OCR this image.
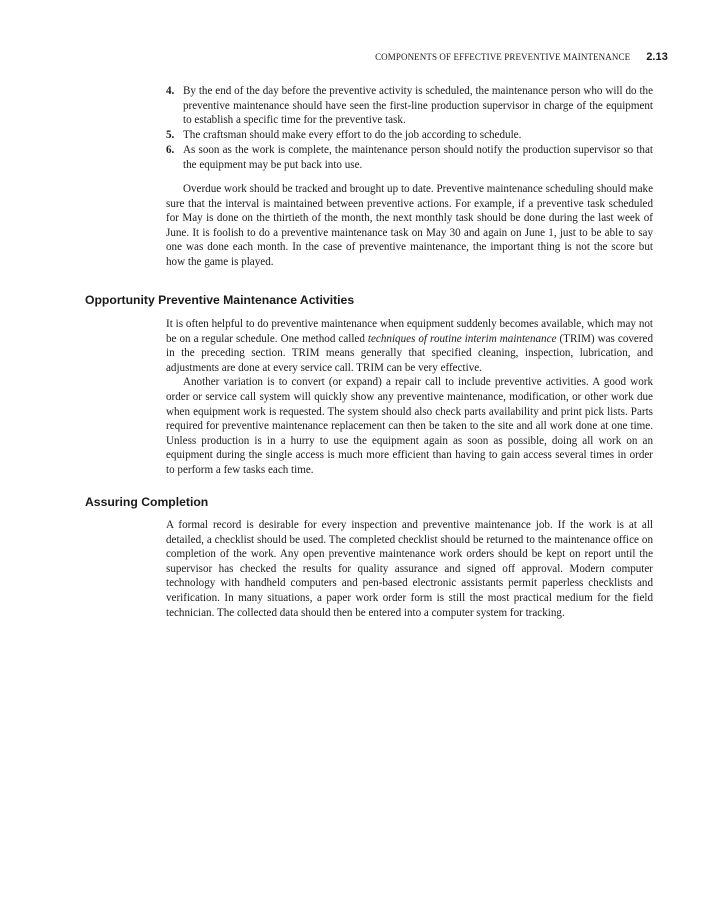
COMPONENTS OF EFFECTIVE PREVENTIVE MAINTENANCE 2.13
4. By the end of the day before the preventive activity is scheduled, the maintenance person who will do the preventive maintenance should have seen the first-line production supervisor in charge of the equipment to establish a specific time for the preventive task.
5. The craftsman should make every effort to do the job according to schedule.
6. As soon as the work is complete, the maintenance person should notify the production supervisor so that the equipment may be put back into use.

Overdue work should be tracked and brought up to date. Preventive maintenance scheduling should make sure that the interval is maintained between preventive actions. For example, if a preventive task scheduled for May is done on the thirtieth of the month, the next monthly task should be done during the last week of June. It is foolish to do a preventive maintenance task on May 30 and again on June 1, just to be able to say one was done each month. In the case of preventive maintenance, the important thing is not the score but how the game is played.

Opportunity Preventive Maintenance Activities

It is often helpful to do preventive maintenance when equipment suddenly becomes available, which may not be on a regular schedule. One method called techniques of routine interim maintenance (TRIM) was covered in the preceding section. TRIM means generally that specified cleaning, inspection, lubrication, and adjustments are done at every service call. TRIM can be very effective.

Another variation is to convert (or expand) a repair call to include preventive activities. A good work order or service call system will quickly show any preventive maintenance, modification, or other work due when equipment work is requested. The system should also check parts availability and print pick lists. Parts required for preventive maintenance replacement can then be taken to the site and all work done at one time. Unless production is in a hurry to use the equipment again as soon as possible, doing all work on an equipment during the single access is much more efficient than having to gain access several times in order to perform a few tasks each time.

Assuring Completion

A formal record is desirable for every inspection and preventive maintenance job. If the work is at all detailed, a checklist should be used. The completed checklist should be returned to the maintenance office on completion of the work. Any open preventive maintenance work orders should be kept on report until the supervisor has checked the results for quality assurance and signed off approval. Modern computer technology with handheld computers and pen-based electronic assistants permit paperless checklists and verification. In many situations, a paper work order form is still the most practical medium for the field technician. The collected data should then be entered into a computer system for tracking.
